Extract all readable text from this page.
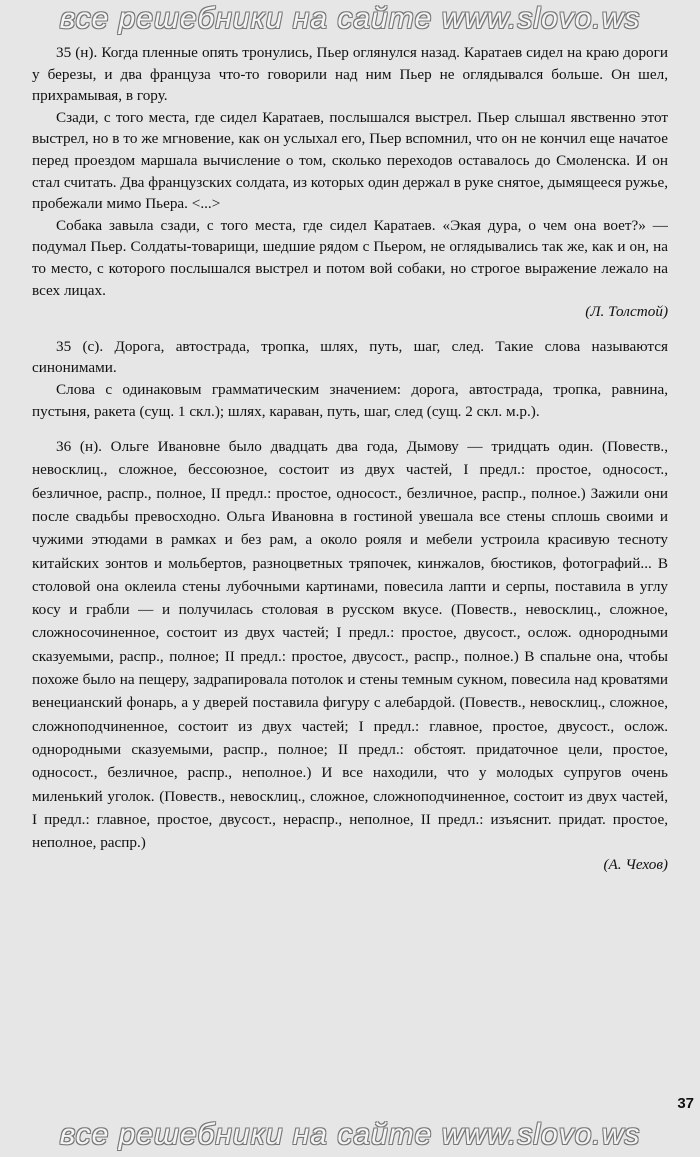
все решебники на сайте www.slovo.ws

35 (н). Когда пленные опять тронулись, Пьер оглянулся назад. Каратаев сидел на краю дороги у березы, и два француза что-то говорили над ним Пьер не оглядывался больше. Он шел, прихрамывая, в гору.

Сзади, с того места, где сидел Каратаев, послышался выстрел. Пьер слышал явственно этот выстрел, но в то же мгновение, как он услыхал его, Пьер вспомнил, что он не кончил еще начатое перед проездом маршала вычисление о том, сколько переходов оставалось до Смоленска. И он стал считать. Два французских солдата, из которых один держал в руке снятое, дымящееся ружье, пробежали мимо Пьера. <...>

Собака завыла сзади, с того места, где сидел Каратаев. «Экая дура, о чем она воет?» — подумал Пьер. Солдаты-товарищи, шедшие рядом с Пьером, не оглядывались так же, как и он, на то место, с которого послышался выстрел и потом вой собаки, но строгое выражение лежало на всех лицах.

(Л. Толстой)

35 (с). Дорога, автострада, тропка, шлях, путь, шаг, след. Такие слова называются синонимами.

Слова с одинаковым грамматическим значением: дорога, автострада, тропка, равнина, пустыня, ракета (сущ. 1 скл.); шлях, караван, путь, шаг, след (сущ. 2 скл. м.р.).

36 (н). Ольге Ивановне было двадцать два года, Дымову — тридцать один. (Повеств., невосклиц., сложное, бессоюзное, состоит из двух частей, I предл.: простое, односост., безличное, распр., полное, II предл.: простое, односост., безличное, распр., полное.) Зажили они после свадьбы превосходно. Ольга Ивановна в гостиной увешала все стены сплошь своими и чужими этюдами в рамках и без рам, а около рояля и мебели устроила красивую тесноту китайских зонтов и мольбертов, разноцветных тряпочек, кинжалов, бюстиков, фотографий... В столовой она оклеила стены лубочными картинами, повесила лапти и серпы, поставила в углу косу и грабли — и получилась столовая в русском вкусе. (Повеств., невосклиц., сложное, сложносочиненное, состоит из двух частей; I предл.: простое, двусост., ослож. однородными сказуемыми, распр., полное; II предл.: простое, двусост., распр., полное.) В спальне она, чтобы похоже было на пещеру, задрапировала потолок и стены темным сукном, повесила над кроватями венецианский фонарь, а у дверей поставила фигуру с алебардой. (Повеств., невосклиц., сложное, сложноподчиненное, состоит из двух частей; I предл.: главное, простое, двусост., ослож. однородными сказуемыми, распр., полное; II предл.: обстоят. придаточное цели, простое, односост., безличное, распр., неполное.) И все находили, что у молодых супругов очень миленький уголок. (Повеств., невосклиц., сложное, сложноподчиненное, состоит из двух частей, I предл.: главное, простое, двусост., нераспр., неполное, II предл.: изъяснит. придат. простое, неполное, распр.)

(А. Чехов)

37
все решебники на сайте www.slovo.ws
